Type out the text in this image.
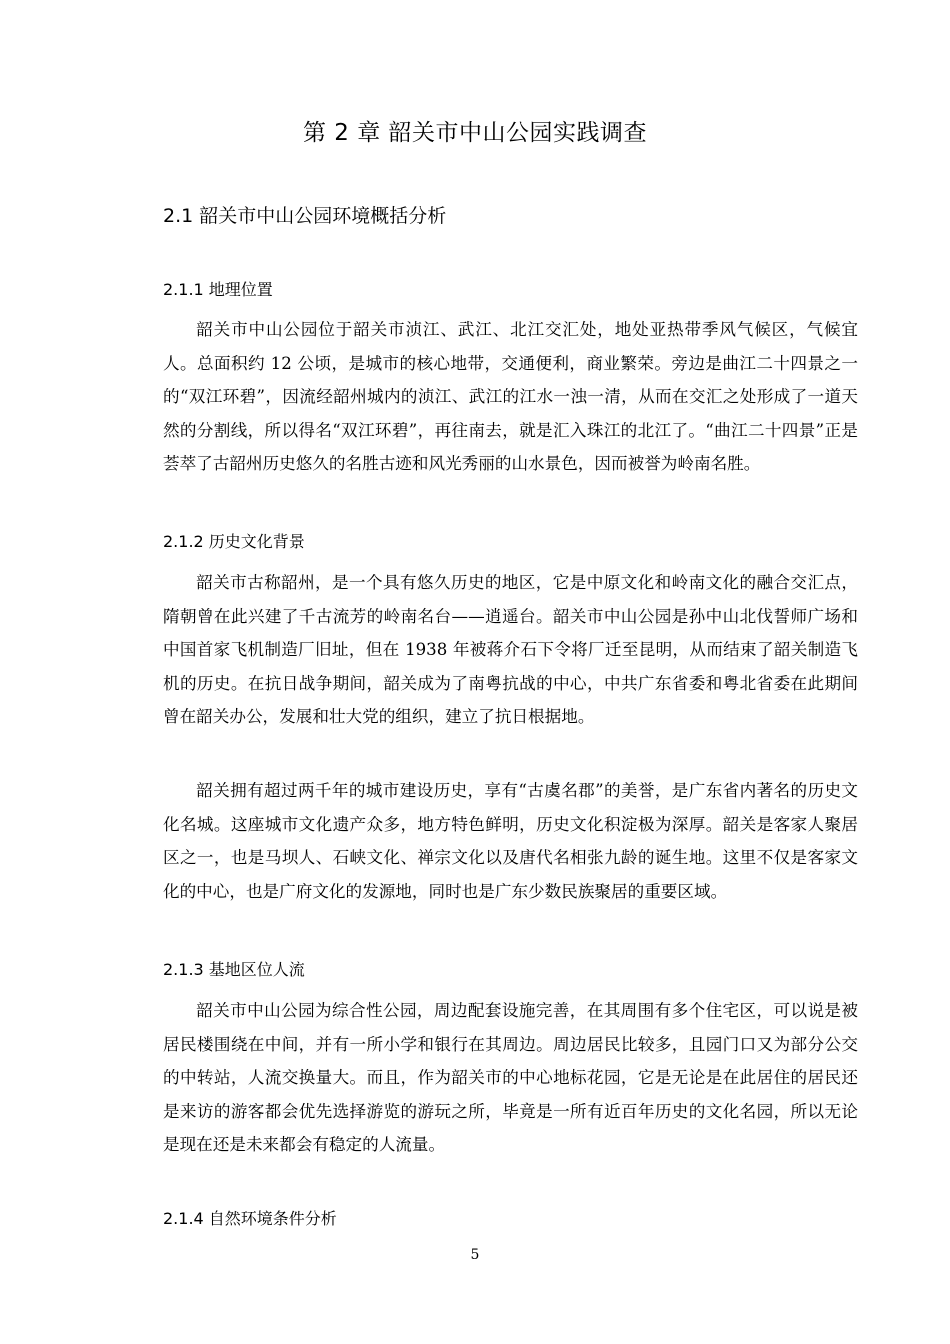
第 2 章 韶关市中山公园实践调查
2.1 韶关市中山公园环境概括分析
2.1.1 地理位置

韶关市中山公园位于韶关市浈江、武江、北江交汇处，地处亚热带季风气候区，气候宜人。总面积约 12 公顷，是城市的核心地带，交通便利，商业繁荣。旁边是曲江二十四景之一的“双江环碧”，因流经韶州城内的浈江、武江的江水一浊一清，从而在交汇之处形成了一道天然的分割线，所以得名“双江环碧”，再往南去，就是汇入珠江的北江了。“曲江二十四景”正是荟萃了古韶州历史悠久的名胜古迹和风光秀丽的山水景色，因而被誉为岭南名胜。

2.1.2 历史文化背景

韶关市古称韶州，是一个具有悠久历史的地区，它是中原文化和岭南文化的融合交汇点，隋朝曾在此兴建了千古流芳的岭南名台——逍遥台。韶关市中山公园是孙中山北伐誓师广场和中国首家飞机制造厂旧址，但在 1938 年被蒋介石下令将厂迁至昆明，从而结束了韶关制造飞机的历史。在抗日战争期间，韶关成为了南粤抗战的中心，中共广东省委和粤北省委在此期间曾在韶关办公，发展和壮大党的组织，建立了抗日根据地。

韶关拥有超过两千年的城市建设历史，享有“古虞名郡”的美誉，是广东省内著名的历史文化名城。这座城市文化遗产众多，地方特色鲜明，历史文化积淀极为深厚。韶关是客家人聚居区之一，也是马坝人、石峡文化、禅宗文化以及唐代名相张九龄的诞生地。这里不仅是客家文化的中心，也是广府文化的发源地，同时也是广东少数民族聚居的重要区域。

2.1.3 基地区位人流

韶关市中山公园为综合性公园，周边配套设施完善，在其周围有多个住宅区，可以说是被居民楼围绕在中间，并有一所小学和银行在其周边。周边居民比较多，且园门口又为部分公交的中转站，人流交换量大。而且，作为韶关市的中心地标花园，它是无论是在此居住的居民还是来访的游客都会优先选择游览的游玩之所，毕竟是一所有近百年历史的文化名园，所以无论是现在还是未来都会有稳定的人流量。

2.1.4 自然环境条件分析
5
